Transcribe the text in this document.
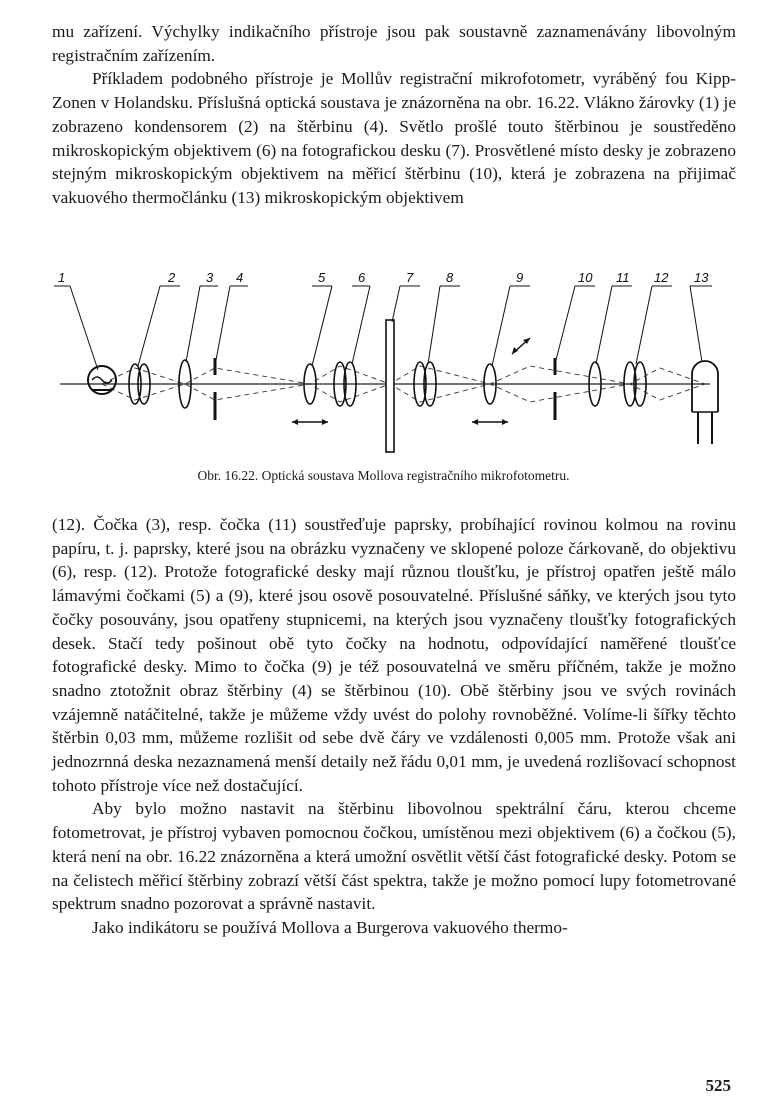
mu zařízení. Výchylky indikačního přístroje jsou pak soustavně zaznamenávány libovolným registračním zařízením.

Příkladem podobného přístroje je Mollův registrační mikrofotometr, vyráběný fou Kipp-Zonen v Holandsku. Příslušná optická soustava je znázorněna na obr. 16.22. Vlákno žárovky (1) je zobrazeno kondensorem (2) na štěrbinu (4). Světlo prošlé touto štěrbinou je soustředěno mikroskopickým objektivem (6) na fotografickou desku (7). Prosvětlené místo desky je zobrazeno stejným mikroskopickým objektivem na měřicí štěrbinu (10), která je zobrazena na přijimač vakuového thermočlánku (13) mikroskopickým objektivem

1	2 3 4	5	6	7	8	9	10 11 12 13
Obr. 16.22. Optická soustava Mollova registračního mikrofotometru.

(12). Čočka (3), resp. čočka (11) soustřeďuje paprsky, probíhající rovinou kolmou na rovinu papíru, t. j. paprsky, které jsou na obrázku vyznačeny ve sklopené poloze čárkovaně, do objektivu (6), resp. (12). Protože fotografické desky mají různou tloušťku, je přístroj opatřen ještě málo lámavými čočkami (5) a (9), které jsou osově posouvatelné. Příslušné sáňky, ve kterých jsou tyto čočky posouvány, jsou opatřeny stupnicemi, na kterých jsou vyznačeny tloušťky fotografických desek. Stačí tedy pošinout obě tyto čočky na hodnotu, odpovídající naměřené tloušťce fotografické desky. Mimo to čočka (9) je též posouvatelná ve směru příčném, takže je možno snadno ztotožnit obraz štěrbiny (4) se štěrbinou (10). Obě štěrbiny jsou ve svých rovinách vzájemně natáčitelné, takže je můžeme vždy uvést do polohy rovnoběžné. Volíme-li šířky těchto štěrbin 0,03 mm, můžeme rozlišit od sebe dvě čáry ve vzdálenosti 0,005 mm. Protože však ani jednozrnná deska nezaznamená menší detaily než řádu 0,01 mm, je uvedená rozlišovací schopnost tohoto přístroje více než dostačující.

Aby bylo možno nastavit na štěrbinu libovolnou spektrální čáru, kterou chceme fotometrovat, je přístroj vybaven pomocnou čočkou, umístěnou mezi objektivem (6) a čočkou (5), která není na obr. 16.22 znázorněna a která umožní osvětlit větší část fotografické desky. Potom se na čelistech měřicí štěrbiny zobrazí větší část spektra, takže je možno pomocí lupy fotometrované spektrum snadno pozorovat a správně nastavit.

Jako indikátoru se používá Mollova a Burgerova vakuového thermo-

525
